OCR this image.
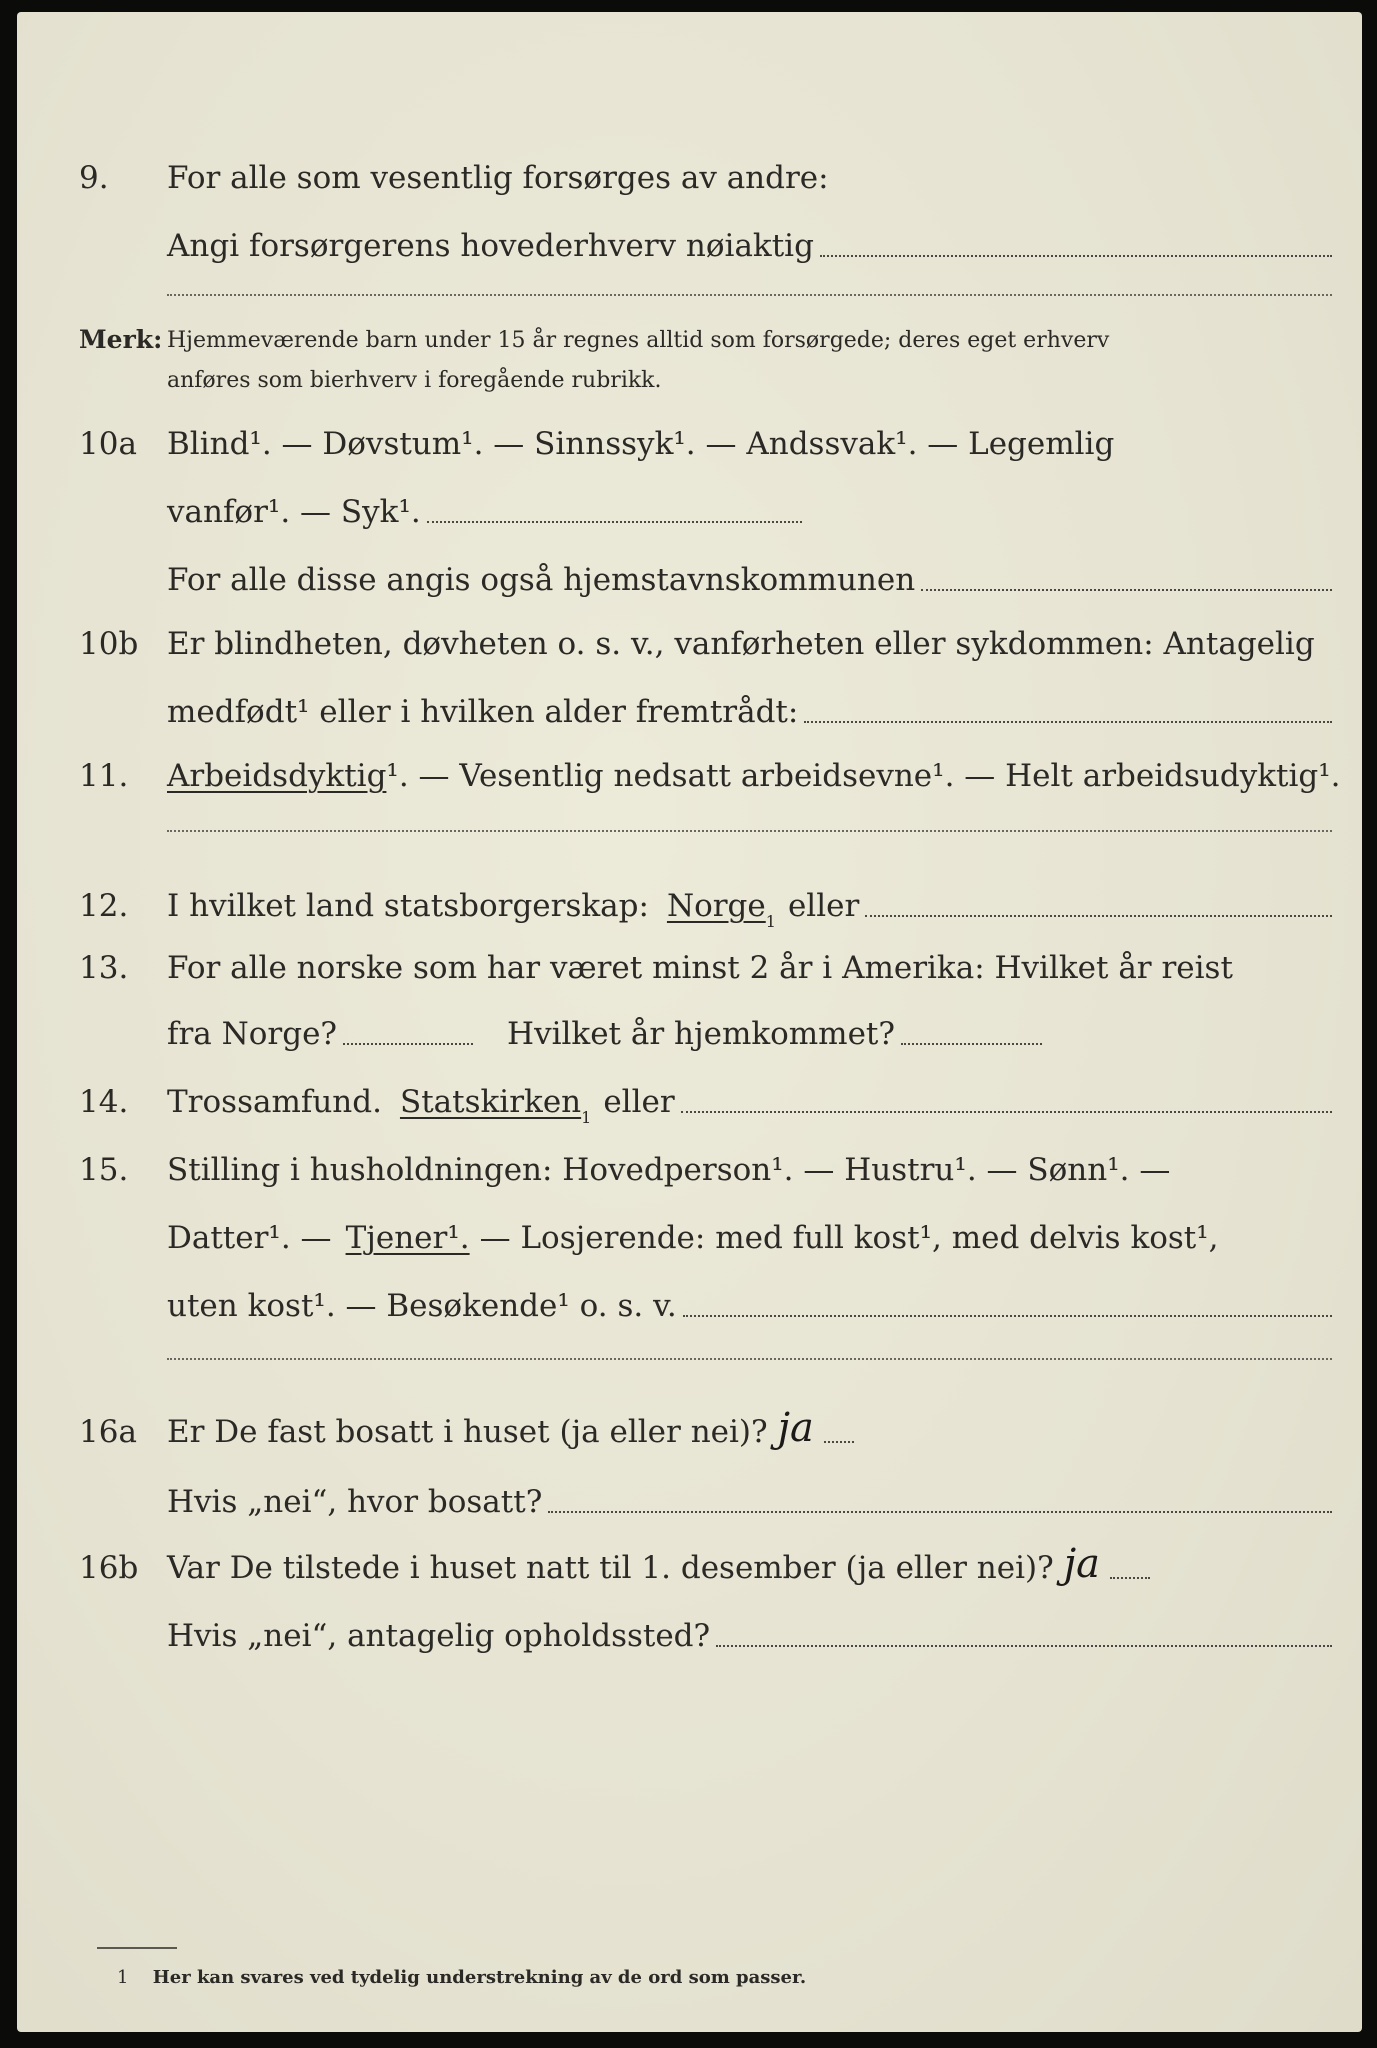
9.	For alle som vesentlig forsørges av andre:
Angi forsørgerens hovederhverv nøiaktig
Merk: Hjemmeværende barn under 15 år regnes alltid som forsørgede; deres eget erhverv
anføres som bierhverv i foregående rubrikk.
10a Blind¹. — Døvstum¹. — Sinnssyk¹. — Andssvak¹. — Legemlig
vanfør¹. — Syk¹.
For alle disse angis også hjemstavnskommunen
10b Er blindheten, døvheten o. s. v., vanførheten eller sykdommen: Antagelig
medfødt¹ eller i hvilken alder fremtrådt:
11.	Arbeidsdyktig ¹. — Vesentlig nedsatt arbeidsevne¹. — Helt arbeidsudyktig¹.
12.	I hvilket land statsborgerskap: Norge 1 eller
13.	For alle norske som har været minst 2 år i Amerika: Hvilket år reist
fra Norge?	Hvilket år hjemkommet?
14.	Trossamfund. Statskirken 1 eller
15.	Stilling i husholdningen: Hovedperson¹. — Hustru¹. — Sønn¹. —
Datter¹. — Tjener¹. — Losjerende: med full kost¹, med delvis kost¹,
uten kost¹. — Besøkende¹ o. s. v.
16a Er De fast bosatt i huset (ja eller nei)? ja
Hvis „nei“, hvor bosatt?
16b Var De tilstede i huset natt til 1. desember (ja eller nei)? ja
Hvis „nei“, antagelig opholdssted?
1 Her kan svares ved tydelig understrekning av de ord som passer.
